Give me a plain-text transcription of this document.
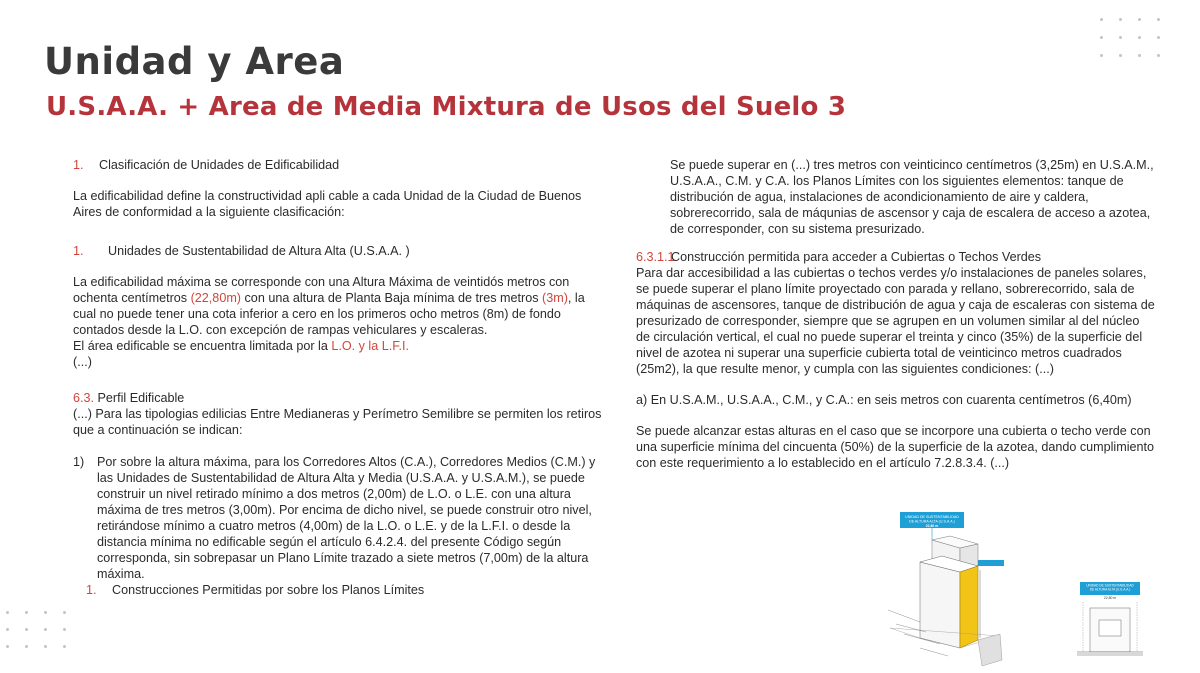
Unidad y Area
U.S.A.A. + Area de Media Mixtura de Usos del Suelo 3

1. Clasificación de Unidades de Edificabilidad

La edificabilidad define la constructividad apli cable a cada Unidad de la Ciudad de Buenos Aires de conformidad a la siguiente clasificación:

1. Unidades de Sustentabilidad de Altura Alta (U.S.A.A. )

La edificabilidad máxima se corresponde con una Altura Máxima de veintidós metros con ochenta centímetros (22,80m) con una altura de Planta Baja mínima de tres metros (3m), la cual no puede tener una cota inferior a cero en los primeros ocho metros (8m) de fondo contados desde la L.O. con excepción de rampas vehiculares y escaleras.

El área edificable se encuentra limitada por la L.O. y la L.F.I.

(...)

6.3. Perfil Edificable

(...) Para las tipologias edilicias Entre Medianeras y Perímetro Semilibre se permiten los retiros que a continuación se indican:

1) Por sobre la altura máxima, para los Corredores Altos (C.A.), Corredores Medios (C.M.) y las Unidades de Sustentabilidad de Altura Alta y Media (U.S.A.A. y U.S.A.M.), se puede construir un nivel retirado mínimo a dos metros (2,00m) de L.O. o L.E. con una altura máxima de tres metros (3,00m). Por encima de dicho nivel, se puede construir otro nivel, retirándose mínimo a cuatro metros (4,00m) de la L.O. o L.E. y de la L.F.I. o desde la distancia mínima no edificable según el artículo 6.4.2.4. del presente Código según corresponda, sin sobrepasar un Plano Límite trazado a siete metros (7,00m) de la altura máxima.

1. Construcciones Permitidas por sobre los Planos Límites

Se puede superar en (...) tres metros con veinticinco centímetros (3,25m) en U.S.A.M., U.S.A.A., C.M. y C.A. los Planos Límites con los siguientes elementos: tanque de distribución de agua, instalaciones de acondicionamiento de aire y caldera, sobrerecorrido, sala de máqunias de ascensor y caja de escalera de acceso a azotea, de corresponder, con su sistema presurizado.

6.3.1.1Construcción permitida para acceder a Cubiertas o Techos Verdes

Para dar accesibilidad a las cubiertas o techos verdes y/o instalaciones de paneles solares, se puede superar el plano límite proyectado con parada y rellano, sobrerecorrido, sala de máquinas de ascensores, tanque de distribución de agua y caja de escaleras con sistema de presurizado de corresponder, siempre que se agrupen en un volumen similar al del núcleo de circulación vertical, el cual no puede superar el treinta y cinco (35%) de la superficie del nivel de azotea ni superar una superficie cubierta total de veinticinco metros cuadrados (25m2), la que resulte menor, y cumpla con las siguientes condiciones: (...)

a) En U.S.A.M., U.S.A.A., C.M., y C.A.: en seis metros con cuarenta centímetros (6,40m)

Se puede alcanzar estas alturas en el caso que se incorpore una cubierta o techo verde con una superficie mínima del cincuenta (50%) de la superficie de la azotea, dando cumplimiento con este requerimiento a lo establecido en el artículo 7.2.8.3.4. (...)

UNIDAD DE SUSTENTABILIDAD
DE ALTURA ALTA (U.S.A.A.)
22,80 m
UNIDAD DE SUSTENTABILIDAD
DE ALTURA ALTA (U.S.A.A.)
22,80 m
